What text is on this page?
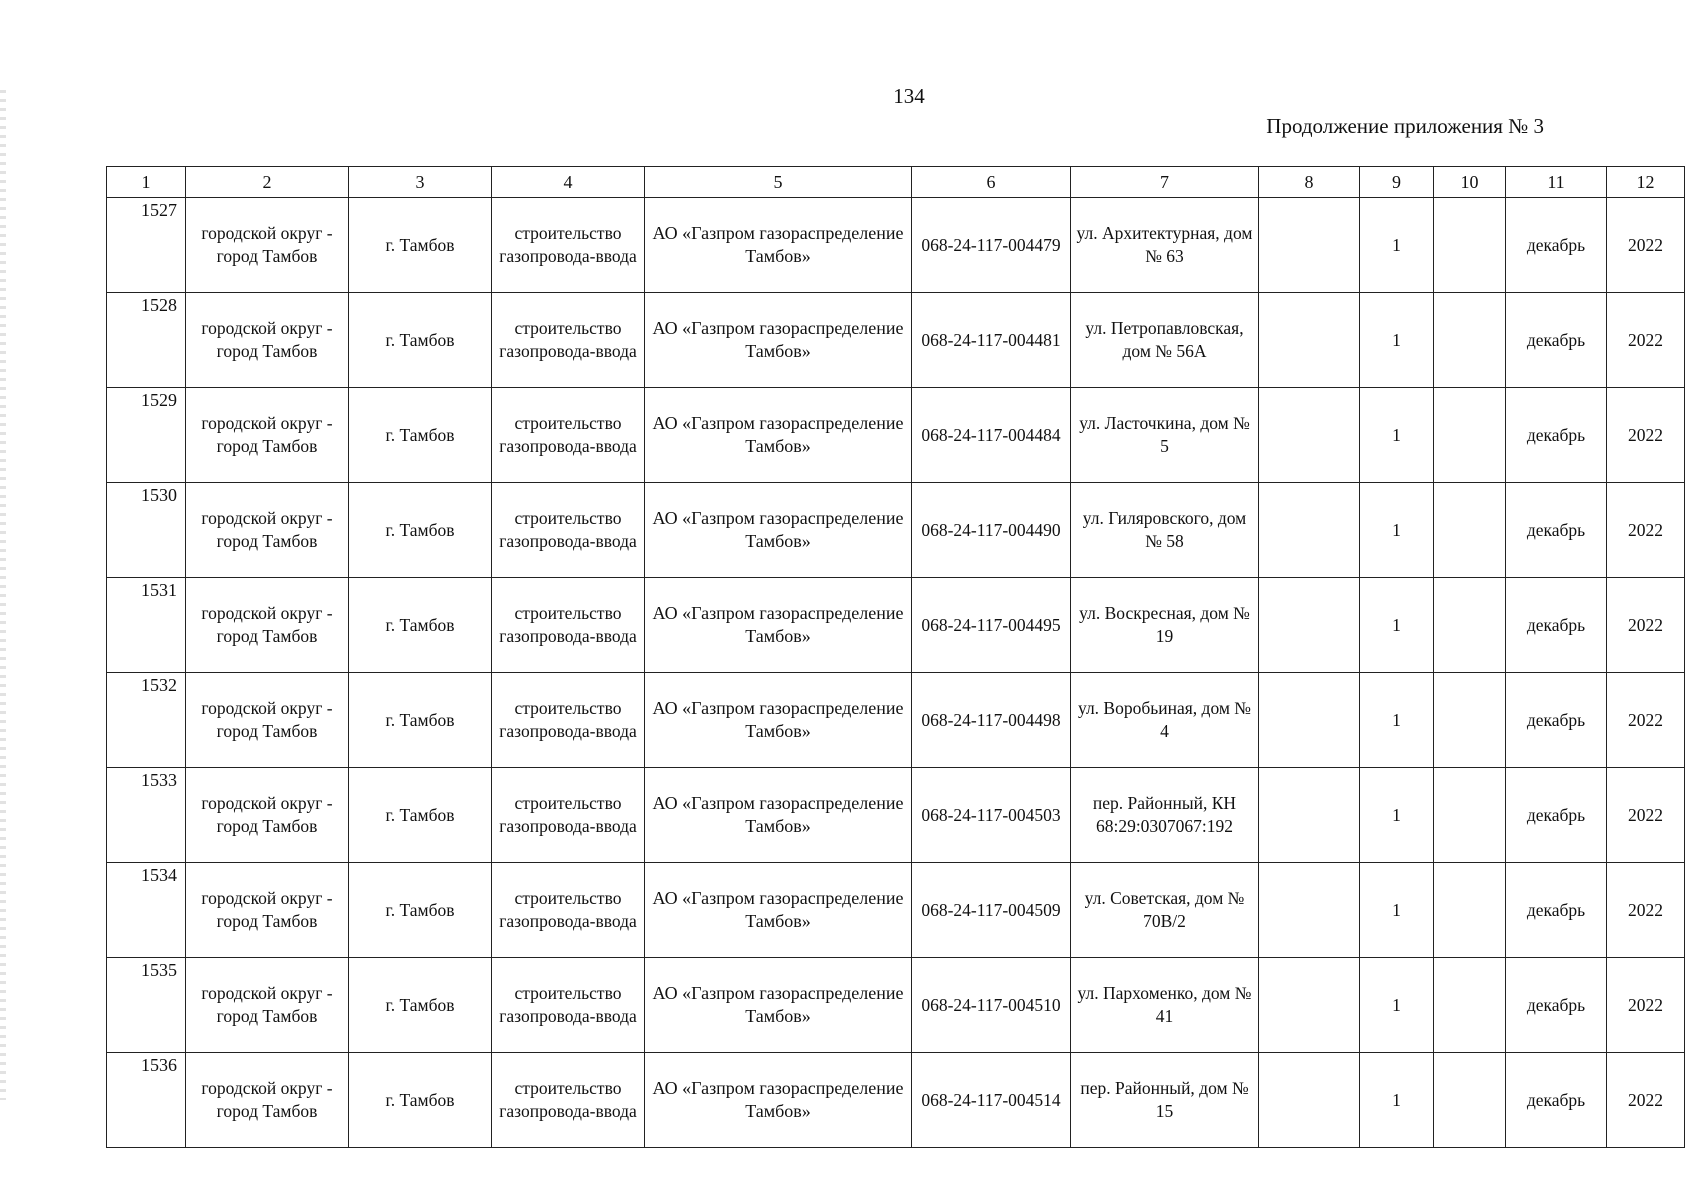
134
Продолжение приложения № 3
1	2	3	4	5	6	7	8	9	10	11	12
1527	городской округ - город Тамбов	г. Тамбов	строительство газопровода-ввода	АО «Газпром газораспределение Тамбов»	068-24-117-004479	ул. Архитектурная, дом № 63		1		декабрь	2022
1528	городской округ - город Тамбов	г. Тамбов	строительство газопровода-ввода	АО «Газпром газораспределение Тамбов»	068-24-117-004481	ул. Петропавловская, дом № 56А		1		декабрь	2022
1529	городской округ - город Тамбов	г. Тамбов	строительство газопровода-ввода	АО «Газпром газораспределение Тамбов»	068-24-117-004484	ул. Ласточкина, дом № 5		1		декабрь	2022
1530	городской округ - город Тамбов	г. Тамбов	строительство газопровода-ввода	АО «Газпром газораспределение Тамбов»	068-24-117-004490	ул. Гиляровского, дом № 58		1		декабрь	2022
1531	городской округ - город Тамбов	г. Тамбов	строительство газопровода-ввода	АО «Газпром газораспределение Тамбов»	068-24-117-004495	ул. Воскресная, дом № 19		1		декабрь	2022
1532	городской округ - город Тамбов	г. Тамбов	строительство газопровода-ввода	АО «Газпром газораспределение Тамбов»	068-24-117-004498	ул. Воробьиная, дом № 4		1		декабрь	2022
1533	городской округ - город Тамбов	г. Тамбов	строительство газопровода-ввода	АО «Газпром газораспределение Тамбов»	068-24-117-004503	пер. Районный, КН 68:29:0307067:192		1		декабрь	2022
1534	городской округ - город Тамбов	г. Тамбов	строительство газопровода-ввода	АО «Газпром газораспределение Тамбов»	068-24-117-004509	ул. Советская, дом № 70В/2		1		декабрь	2022
1535	городской округ - город Тамбов	г. Тамбов	строительство газопровода-ввода	АО «Газпром газораспределение Тамбов»	068-24-117-004510	ул. Пархоменко, дом № 41		1		декабрь	2022
1536	городской округ - город Тамбов	г. Тамбов	строительство газопровода-ввода	АО «Газпром газораспределение Тамбов»	068-24-117-004514	пер. Районный, дом № 15		1		декабрь	2022
